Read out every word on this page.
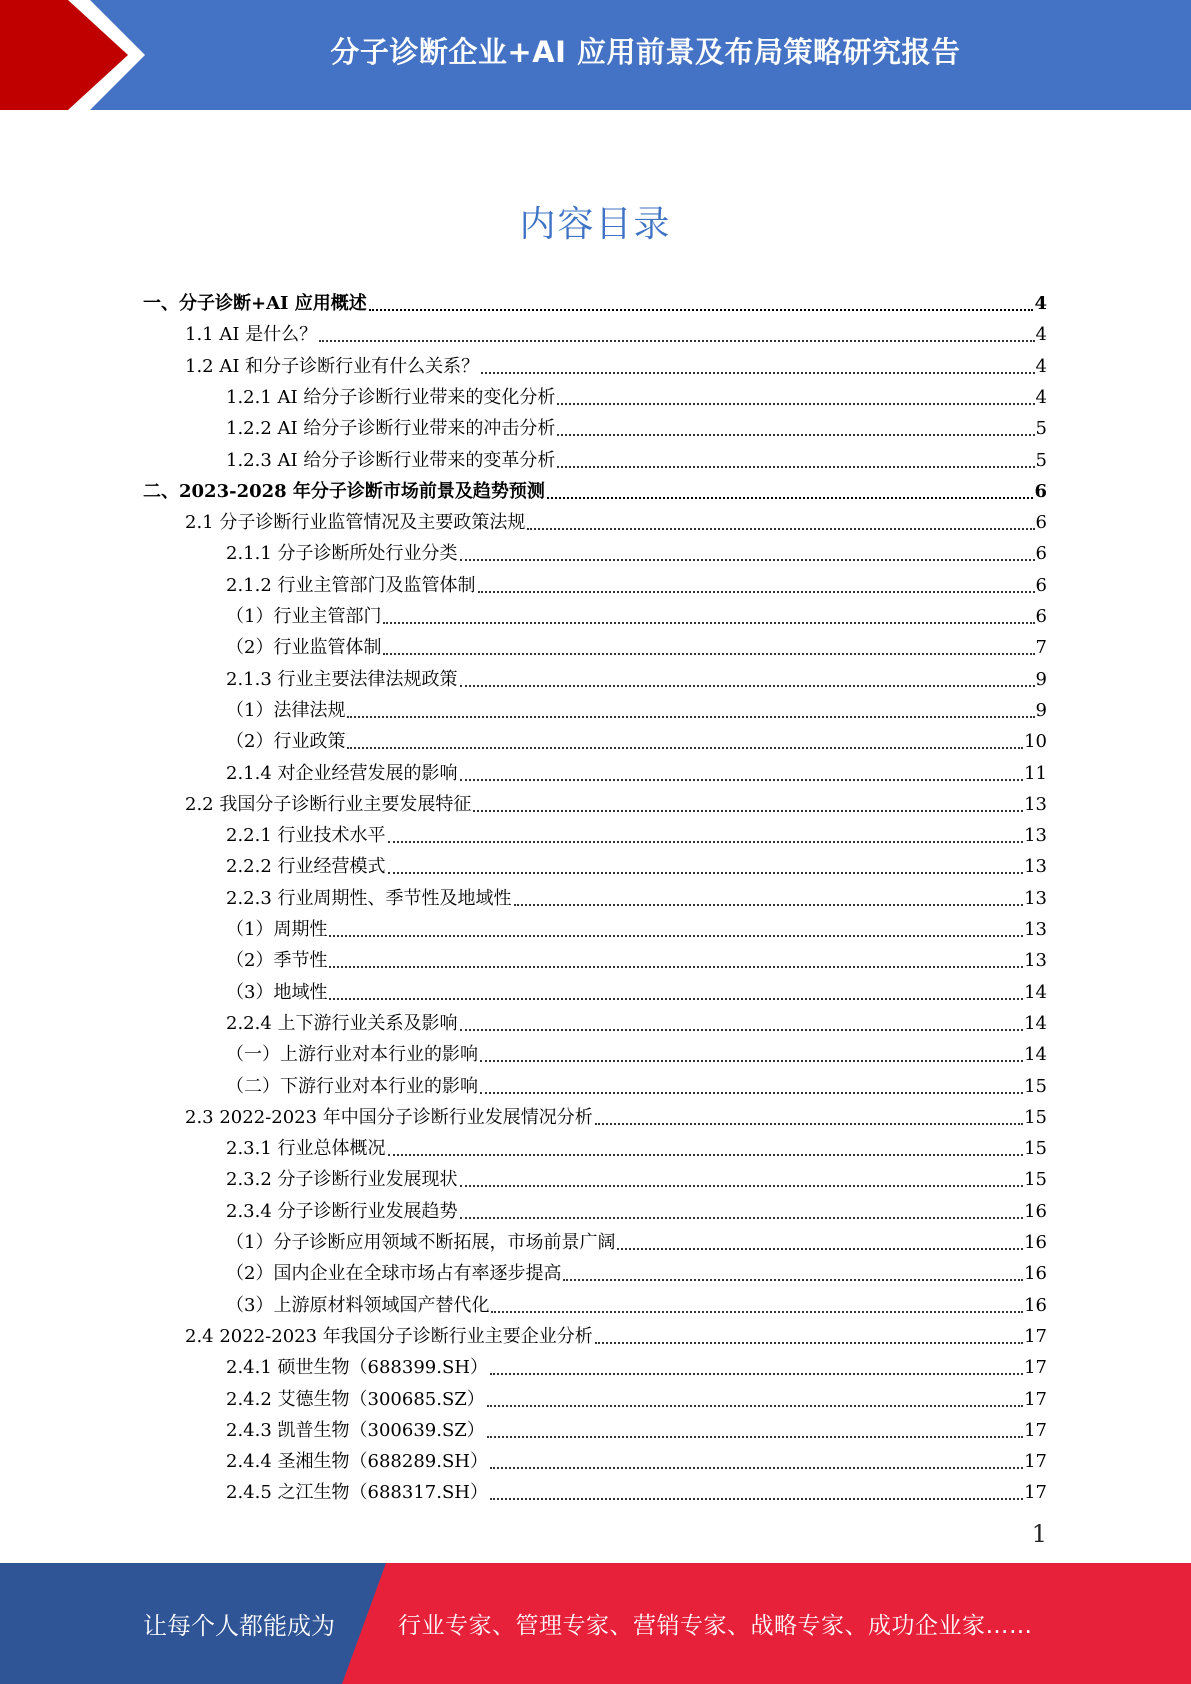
分子诊断企业+AI 应用前景及布局策略研究报告
内容目录
一、分子诊断+AI 应用概述	4
1.1 AI 是什么？	4
1.2 AI 和分子诊断行业有什么关系？	4
1.2.1 AI 给分子诊断行业带来的变化分析	4
1.2.2 AI 给分子诊断行业带来的冲击分析	5
1.2.3 AI 给分子诊断行业带来的变革分析	5
二、2023-2028 年分子诊断市场前景及趋势预测	6
2.1 分子诊断行业监管情况及主要政策法规	6
2.1.1 分子诊断所处行业分类	6
2.1.2 行业主管部门及监管体制	6
（1）行业主管部门	6
（2）行业监管体制	7
2.1.3 行业主要法律法规政策	9
（1）法律法规	9
（2）行业政策	10
2.1.4 对企业经营发展的影响	11
2.2 我国分子诊断行业主要发展特征	13
2.2.1 行业技术水平	13
2.2.2 行业经营模式	13
2.2.3 行业周期性、季节性及地域性	13
（1）周期性	13
（2）季节性	13
（3）地域性	14
2.2.4 上下游行业关系及影响	14
（一）上游行业对本行业的影响	14
（二）下游行业对本行业的影响	15
2.3 2022-2023 年中国分子诊断行业发展情况分析	15
2.3.1 行业总体概况	15
2.3.2 分子诊断行业发展现状	15
2.3.4 分子诊断行业发展趋势	16
（1）分子诊断应用领域不断拓展，市场前景广阔	16
（2）国内企业在全球市场占有率逐步提高	16
（3）上游原材料领域国产替代化	16
2.4 2022-2023 年我国分子诊断行业主要企业分析	17
2.4.1 硕世生物（688399.SH）	17
2.4.2 艾德生物（300685.SZ）	17
2.4.3 凯普生物（300639.SZ）	17
2.4.4 圣湘生物（688289.SH）	17
2.4.5 之江生物（688317.SH）	17
1
让每个人都能成为	行业专家、管理专家、营销专家、战略专家、成功企业家……
